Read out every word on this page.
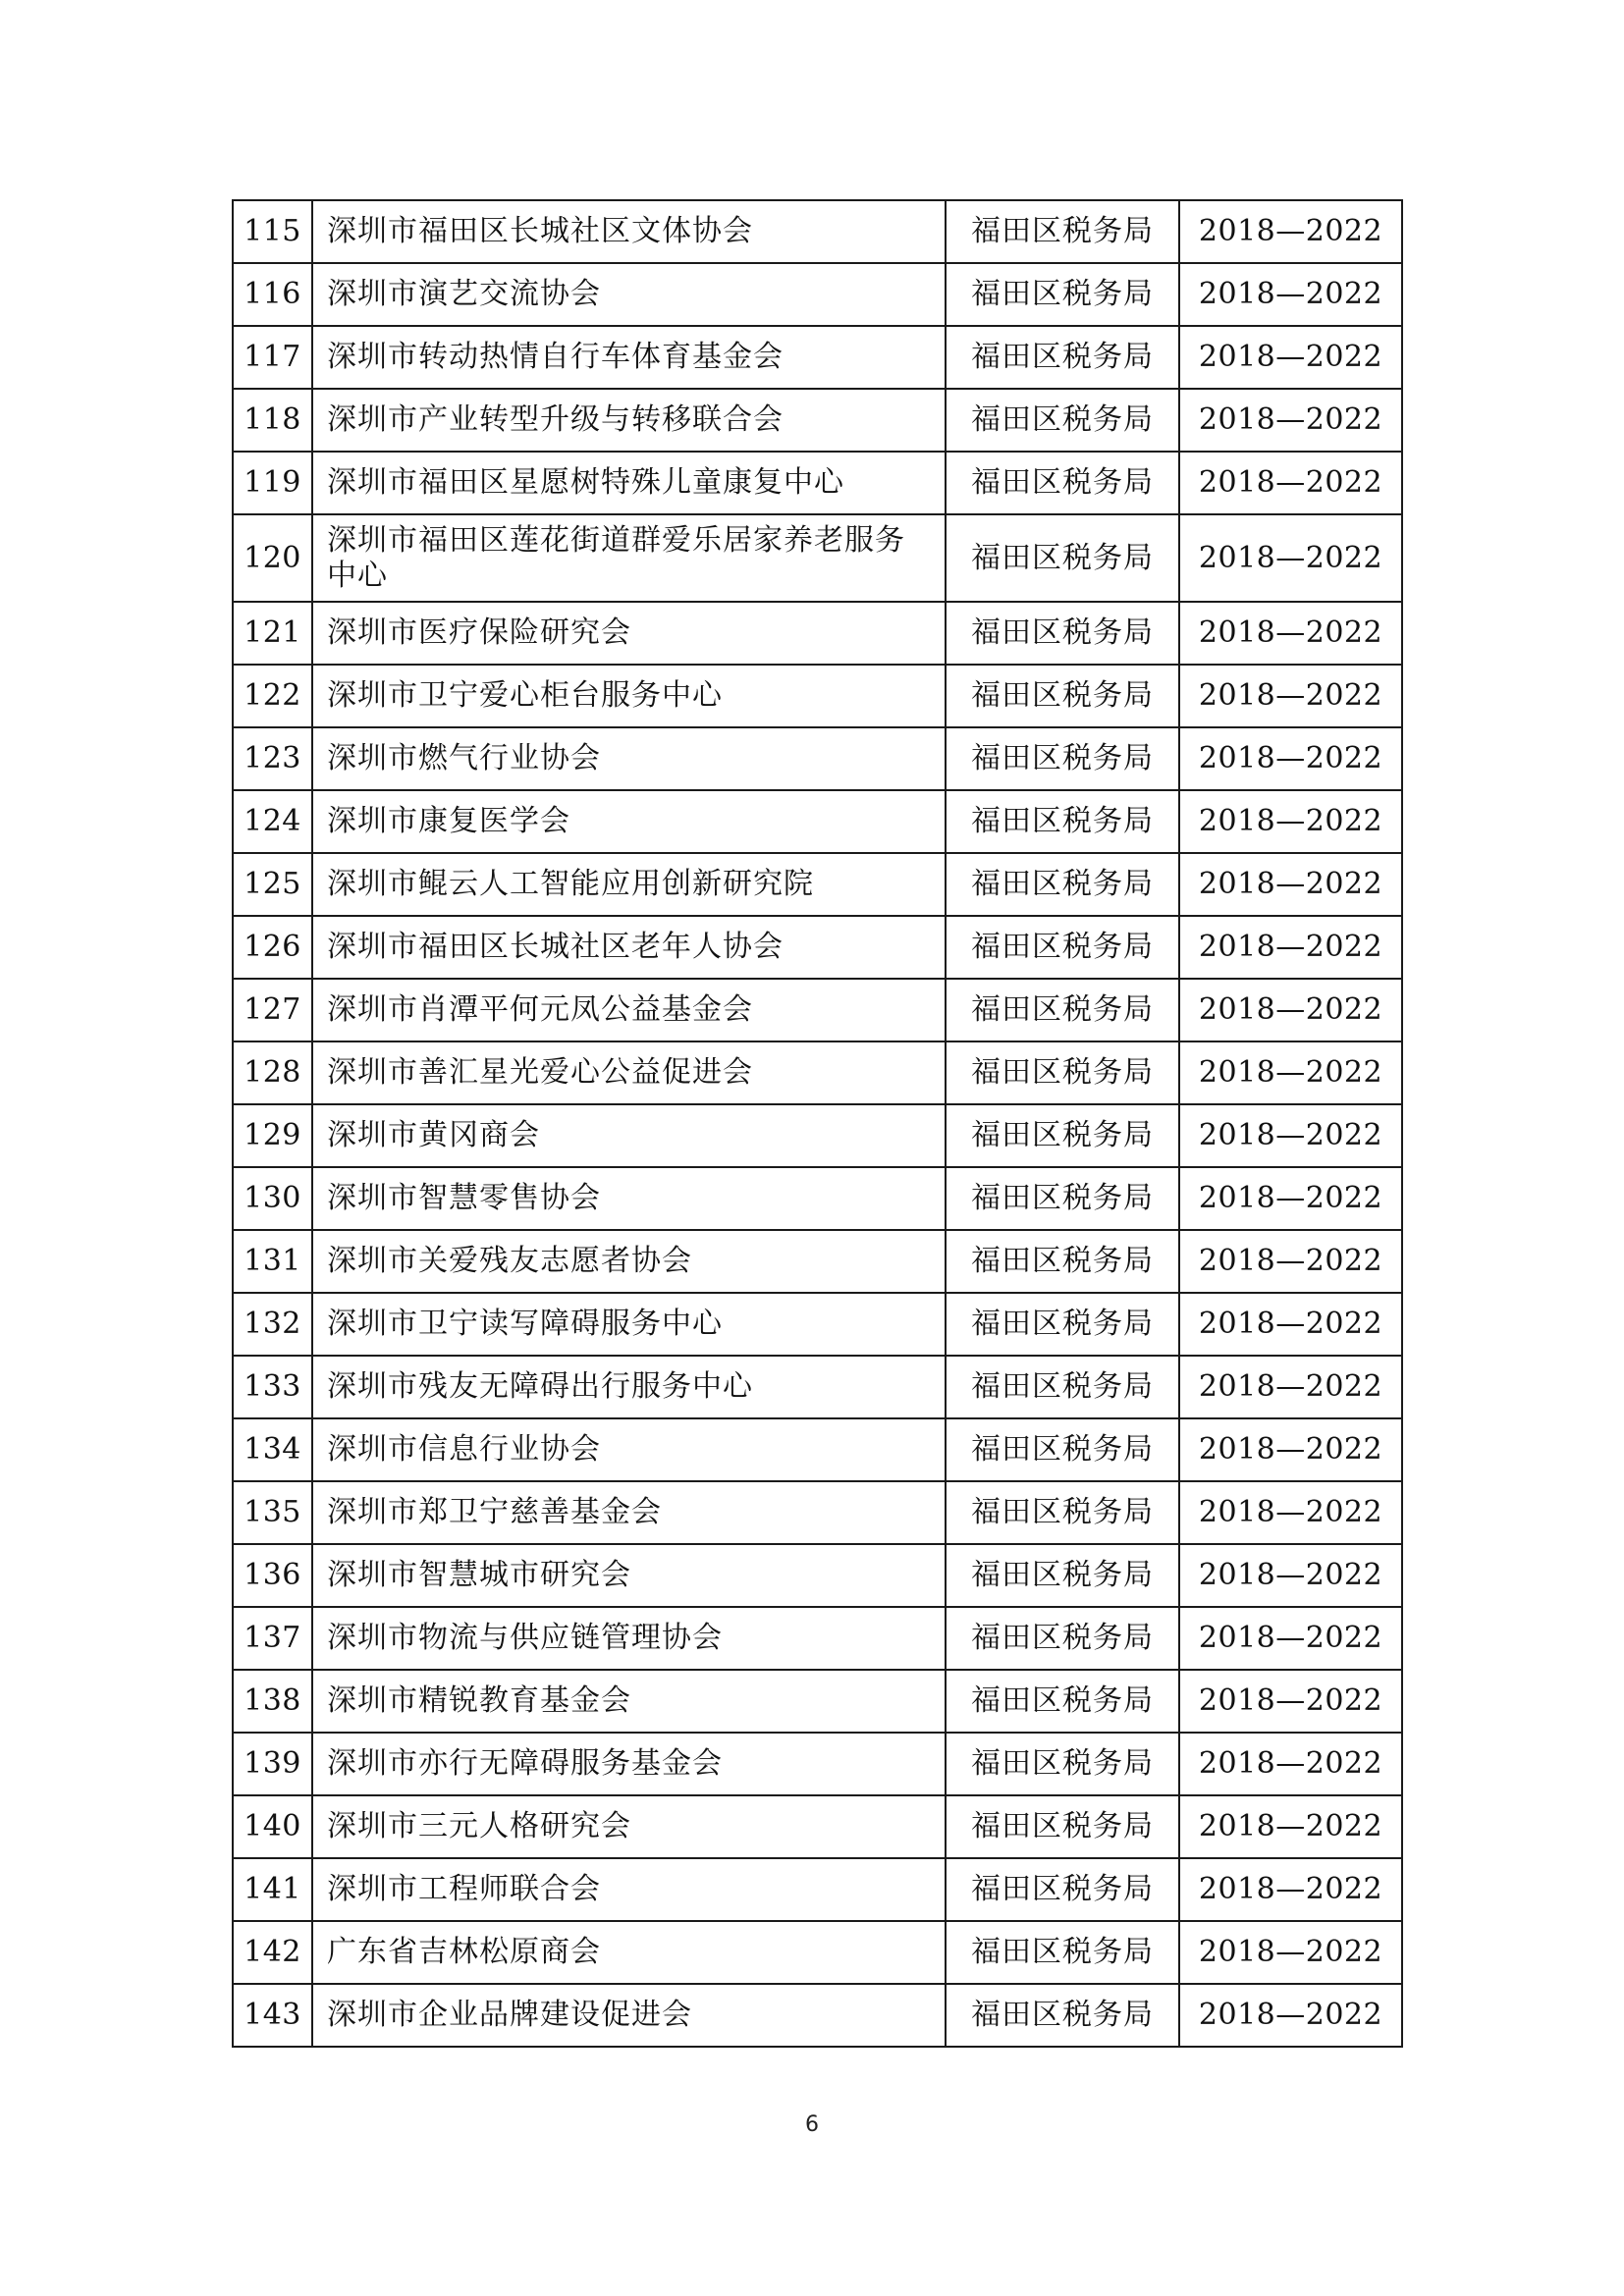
115	深圳市福田区长城社区文体协会	福田区税务局	2018—2022
116	深圳市演艺交流协会	福田区税务局	2018—2022
117	深圳市转动热情自行车体育基金会	福田区税务局	2018—2022
118	深圳市产业转型升级与转移联合会	福田区税务局	2018—2022
119	深圳市福田区星愿树特殊儿童康复中心	福田区税务局	2018—2022
120	深圳市福田区莲花街道群爱乐居家养老服务中心	福田区税务局	2018—2022
121	深圳市医疗保险研究会	福田区税务局	2018—2022
122	深圳市卫宁爱心柜台服务中心	福田区税务局	2018—2022
123	深圳市燃气行业协会	福田区税务局	2018—2022
124	深圳市康复医学会	福田区税务局	2018—2022
125	深圳市鲲云人工智能应用创新研究院	福田区税务局	2018—2022
126	深圳市福田区长城社区老年人协会	福田区税务局	2018—2022
127	深圳市肖潭平何元凤公益基金会	福田区税务局	2018—2022
128	深圳市善汇星光爱心公益促进会	福田区税务局	2018—2022
129	深圳市黄冈商会	福田区税务局	2018—2022
130	深圳市智慧零售协会	福田区税务局	2018—2022
131	深圳市关爱残友志愿者协会	福田区税务局	2018—2022
132	深圳市卫宁读写障碍服务中心	福田区税务局	2018—2022
133	深圳市残友无障碍出行服务中心	福田区税务局	2018—2022
134	深圳市信息行业协会	福田区税务局	2018—2022
135	深圳市郑卫宁慈善基金会	福田区税务局	2018—2022
136	深圳市智慧城市研究会	福田区税务局	2018—2022
137	深圳市物流与供应链管理协会	福田区税务局	2018—2022
138	深圳市精锐教育基金会	福田区税务局	2018—2022
139	深圳市亦行无障碍服务基金会	福田区税务局	2018—2022
140	深圳市三元人格研究会	福田区税务局	2018—2022
141	深圳市工程师联合会	福田区税务局	2018—2022
142	广东省吉林松原商会	福田区税务局	2018—2022
143	深圳市企业品牌建设促进会	福田区税务局	2018—2022
6
